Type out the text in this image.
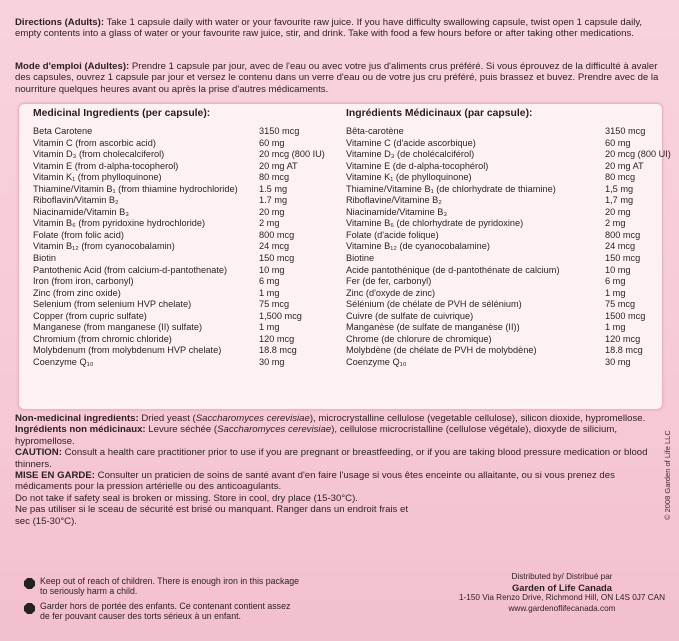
Directions (Adults): Take 1 capsule daily with water or your favourite raw juice. If you have difficulty swallowing capsule, twist open 1 capsule daily, empty contents into a glass of water or your favourite raw juice, stir, and drink. Take with food a few hours before or after taking other medications.
Mode d'emploi (Adultes): Prendre 1 capsule par jour, avec de l'eau ou avec votre jus d'aliments crus préféré. Si vous éprouvez de la difficulté à avaler des capsules, ouvrez 1 capsule par jour et versez le contenu dans un verre d'eau ou de votre jus cru préféré, puis brassez et buvez. Prendre avec de la nourriture quelques heures avant ou après la prise d'autres médicaments.
Medicinal Ingredients (per capsule):
Beta Carotene	3150 mcg
Vitamin C (from ascorbic acid)	60 mg
Vitamin D₃ (from cholecalciferol)	20 mcg (800 IU)
Vitamin E (from d-alpha-tocopherol)	20 mg AT
Vitamin K₁ (from phylloquinone)	80 mcg
Thiamine/Vitamin B₁ (from thiamine hydrochloride)	1.5 mg
Riboflavin/Vitamin B₂	1.7 mg
Niacinamide/Vitamin B₃	20 mg
Vitamin B₆ (from pyridoxine hydrochloride)	2 mg
Folate (from folic acid)	800 mcg
Vitamin B₁₂ (from cyanocobalamin)	24 mcg
Biotin	150 mcg
Pantothenic Acid (from calcium-d-pantothenate)	10 mg
Iron (from iron, carbonyl)	6 mg
Zinc (from zinc oxide)	1 mg
Selenium (from selenium HVP chelate)	75 mcg
Copper (from cupric sulfate)	1,500 mcg
Manganese (from manganese (II) sulfate)	1 mg
Chromium (from chromic chloride)	120 mcg
Molybdenum (from molybdenum HVP chelate)	18.8 mcg
Coenzyme Q₁₀	30 mg
Ingrédients Médicinaux (par capsule):
Bêta-carotène	3150 mcg
Vitamine C (d'acide ascorbique)	60 mg
Vitamine D₃ (de cholécalciférol)	20 mcg (800 UI)
Vitamine E (de d-alpha-tocophérol)	20 mg AT
Vitamine K₁ (de phylloquinone)	80 mcg
Thiamine/Vitamine B₁ (de chlorhydrate de thiamine)	1,5 mg
Riboflavine/Vitamine B₂	1,7 mg
Niacinamide/Vitamine B₃	20 mg
Vitamine B₆ (de chlorhydrate de pyridoxine)	2 mg
Folate (d'acide folique)	800 mcg
Vitamine B₁₂ (de cyanocobalamine)	24 mcg
Biotine	150 mcg
Acide pantothénique (de d-pantothénate de calcium)	10 mg
Fer (de fer, carbonyl)	6 mg
Zinc (d'oxyde de zinc)	1 mg
Sélénium (de chélate de PVH de sélénium)	75 mcg
Cuivre (de sulfate de cuivrique)	1500 mcg
Manganèse (de sulfate de manganèse (II))	1 mg
Chrome (de chlorure de chromique)	120 mcg
Molybdène (de chélate de PVH de molybdène)	18.8 mcg
Coenzyme Q₁₀	30 mg

Non-medicinal ingredients: Dried yeast (Saccharomyces cerevisiae), microcrystalline cellulose (vegetable cellulose), silicon dioxide, hypromellose.

Ingrédients non médicinaux: Levure séchée (Saccharomyces cerevisiae), cellulose microcristalline (cellulose végétale), dioxyde de silicium, hypromellose.

CAUTION: Consult a health care practitioner prior to use if you are pregnant or breastfeeding, or if you are taking blood pressure medication or blood thinners.

MISE EN GARDE: Consulter un praticien de soins de santé avant d'en faire l'usage si vous êtes enceinte ou allaitante, ou si vous prenez des médicaments pour la pression artérielle ou des anticoagulants.

Do not take if safety seal is broken or missing. Store in cool, dry place (15-30°C).

Ne pas utiliser si le sceau de sécurité est brisé ou manquant. Ranger dans un endroit frais et sec (15-30°C).

Keep out of reach of children. There is enough iron in this package to seriously harm a child.
Garder hors de portée des enfants. Ce contenant contient assez de fer pouvant causer des torts sérieux à un enfant.
Distributed by/ Distribué par
Garden of Life Canada
1-150 Via Renzo Drive, Richmond Hill, ON L4S 0J7 CAN
www.gardenoflifecanada.com
© 2008 Garden of Life LLC
